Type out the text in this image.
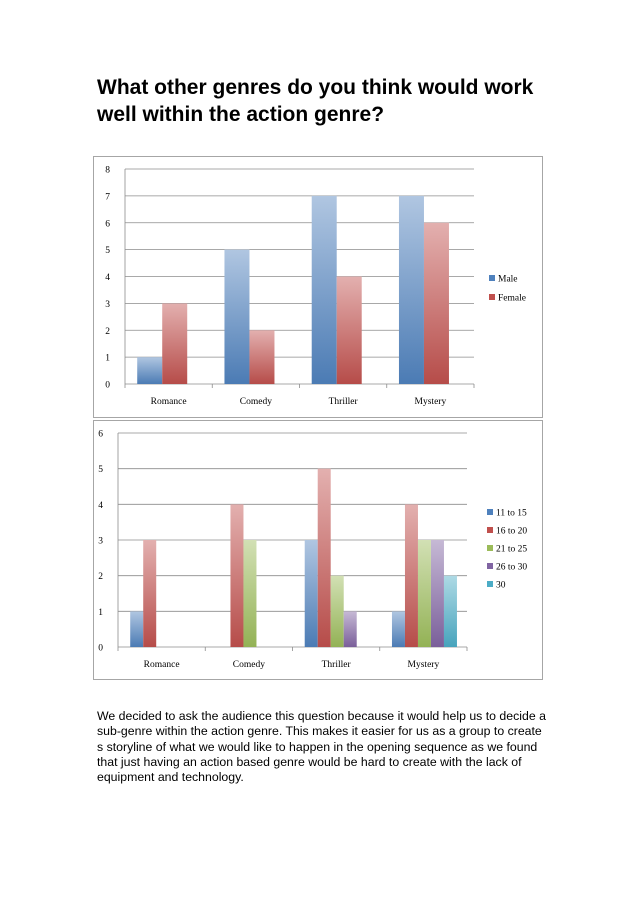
What other genres do you think would work well within the action genre?
0
1
2
3
4
5
6
7
8
Romance	Comedy	Thriller	Mystery
Male
Female
0
1
2
3
4
5
6
Romance	Comedy	Thriller	Mystery
11 to 15
16 to 20
21 to 25
26 to 30
30

We decided to ask the audience this question because it would help us to decide a sub-genre within the action genre. This makes it easier for us as a group to create s storyline of what we would like to happen in the opening sequence as we found that just having an action based genre would be hard to create with the lack of equipment and technology.
